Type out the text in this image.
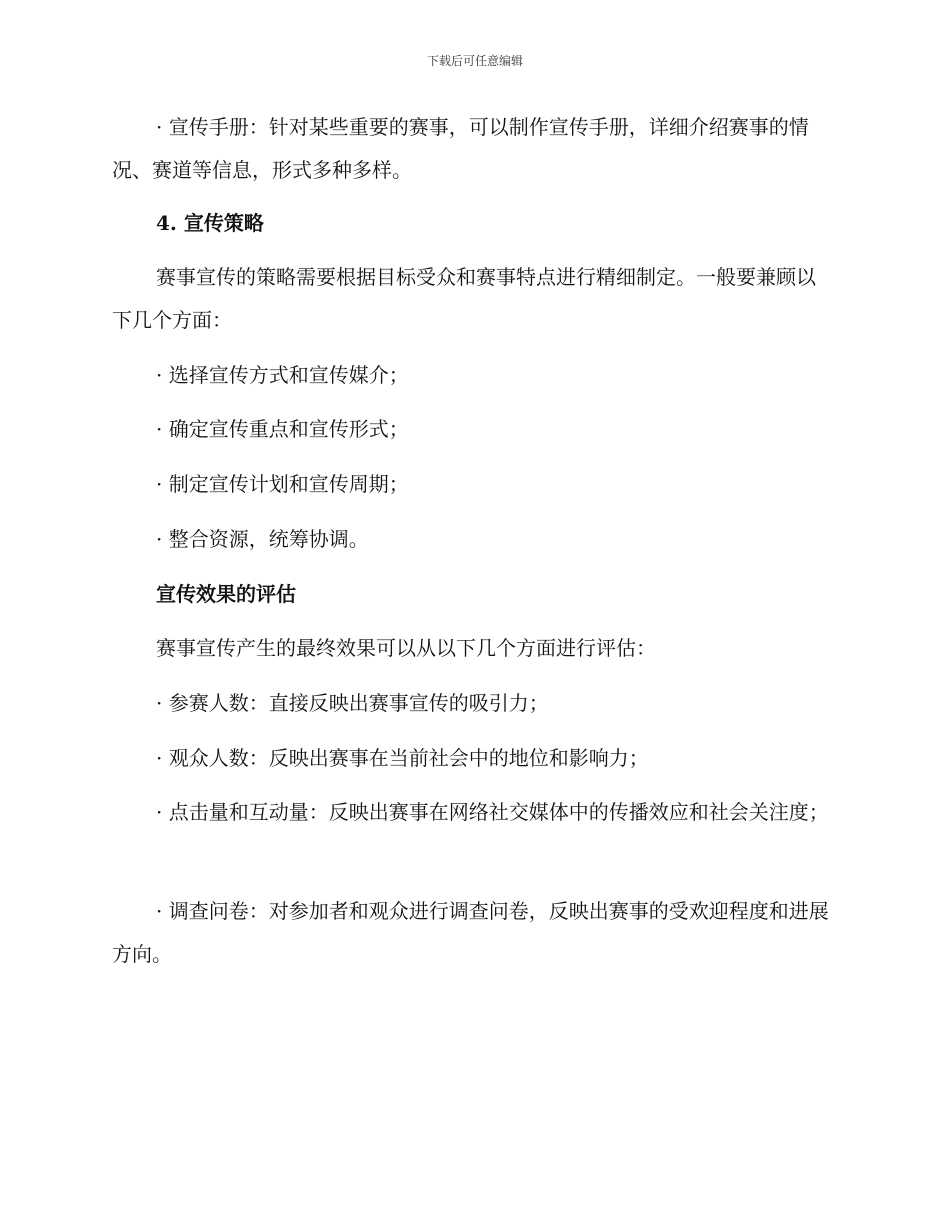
下载后可任意编辑

· 宣传手册：针对某些重要的赛事，可以制作宣传手册，详细介绍赛事的情况、赛道等信息，形式多种多样。

4. 宣传策略

赛事宣传的策略需要根据目标受众和赛事特点进行精细制定。一般要兼顾以下几个方面：

· 选择宣传方式和宣传媒介；

· 确定宣传重点和宣传形式；

· 制定宣传计划和宣传周期；

· 整合资源，统筹协调。

宣传效果的评估

赛事宣传产生的最终效果可以从以下几个方面进行评估：

· 参赛人数：直接反映出赛事宣传的吸引力；

· 观众人数：反映出赛事在当前社会中的地位和影响力；

· 点击量和互动量：反映出赛事在网络社交媒体中的传播效应和社会关注度；

· 调查问卷：对参加者和观众进行调查问卷，反映出赛事的受欢迎程度和进展方向。
